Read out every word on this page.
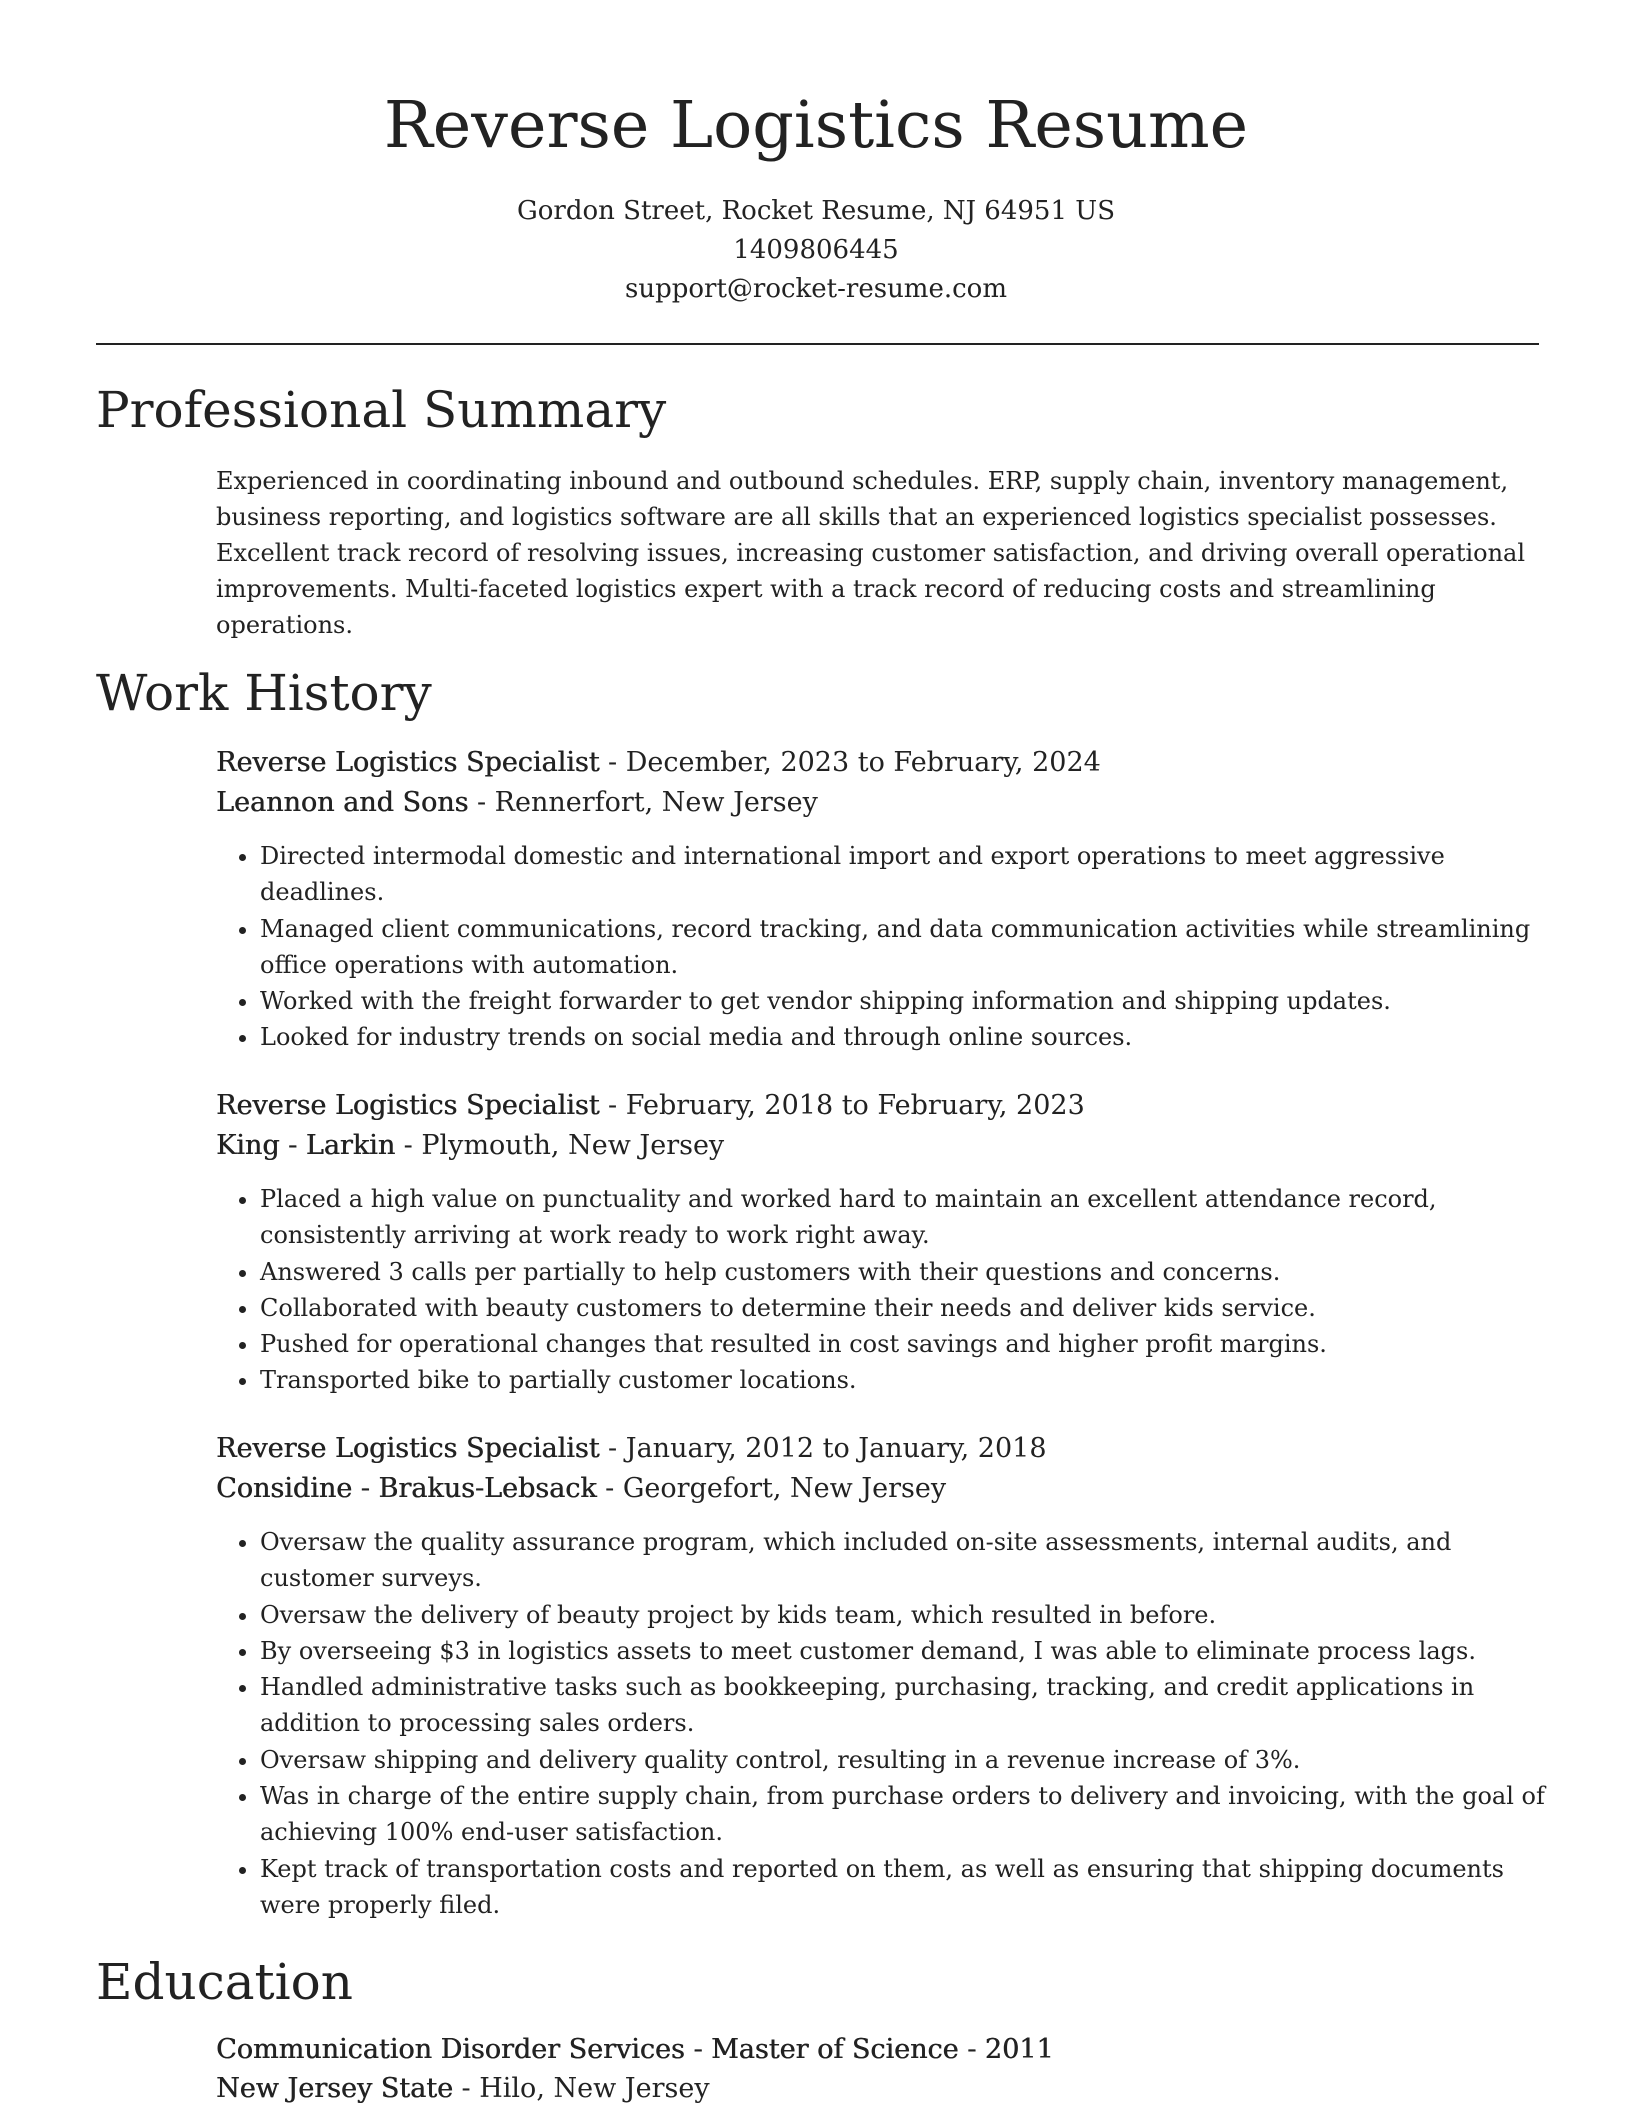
Reverse Logistics Resume
Gordon Street, Rocket Resume, NJ 64951 US
1409806445
support@rocket-resume.com
Professional Summary

Experienced in coordinating inbound and outbound schedules. ERP, supply chain, inventory management, business reporting, and logistics software are all skills that an experienced logistics specialist possesses. Excellent track record of resolving issues, increasing customer satisfaction, and driving overall operational improvements. Multi-faceted logistics expert with a track record of reducing costs and streamlining operations.

Work History
Reverse Logistics Specialist - December, 2023 to February, 2024
Leannon and Sons - Rennerfort, New Jersey
• Directed intermodal domestic and international import and export operations to meet aggressive deadlines.
• Managed client communications, record tracking, and data communication activities while streamlining office operations with automation.
• Worked with the freight forwarder to get vendor shipping information and shipping updates.
• Looked for industry trends on social media and through online sources.
Reverse Logistics Specialist - February, 2018 to February, 2023
King - Larkin - Plymouth, New Jersey
• Placed a high value on punctuality and worked hard to maintain an excellent attendance record, consistently arriving at work ready to work right away.
• Answered 3 calls per partially to help customers with their questions and concerns.
• Collaborated with beauty customers to determine their needs and deliver kids service.
• Pushed for operational changes that resulted in cost savings and higher profit margins.
• Transported bike to partially customer locations.
Reverse Logistics Specialist - January, 2012 to January, 2018
Considine - Brakus-Lebsack - Georgefort, New Jersey
• Oversaw the quality assurance program, which included on-site assessments, internal audits, and customer surveys.
• Oversaw the delivery of beauty project by kids team, which resulted in before.
• By overseeing $3 in logistics assets to meet customer demand, I was able to eliminate process lags.
• Handled administrative tasks such as bookkeeping, purchasing, tracking, and credit applications in addition to processing sales orders.
• Oversaw shipping and delivery quality control, resulting in a revenue increase of 3%.
• Was in charge of the entire supply chain, from purchase orders to delivery and invoicing, with the goal of achieving 100% end-user satisfaction.
• Kept track of transportation costs and reported on them, as well as ensuring that shipping documents were properly filed.
Education
Communication Disorder Services - Master of Science - 2011
New Jersey State - Hilo, New Jersey
